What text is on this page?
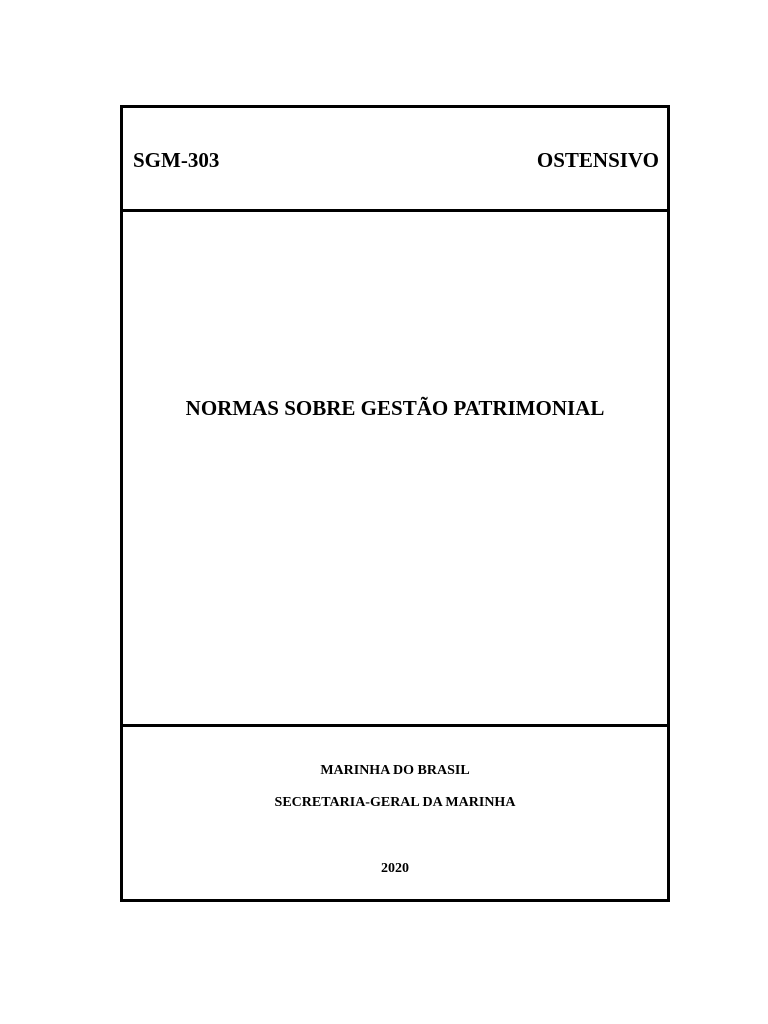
SGM-303	OSTENSIVO
NORMAS SOBRE GESTÃO PATRIMONIAL
MARINHA DO BRASIL
SECRETARIA-GERAL DA MARINHA
2020
